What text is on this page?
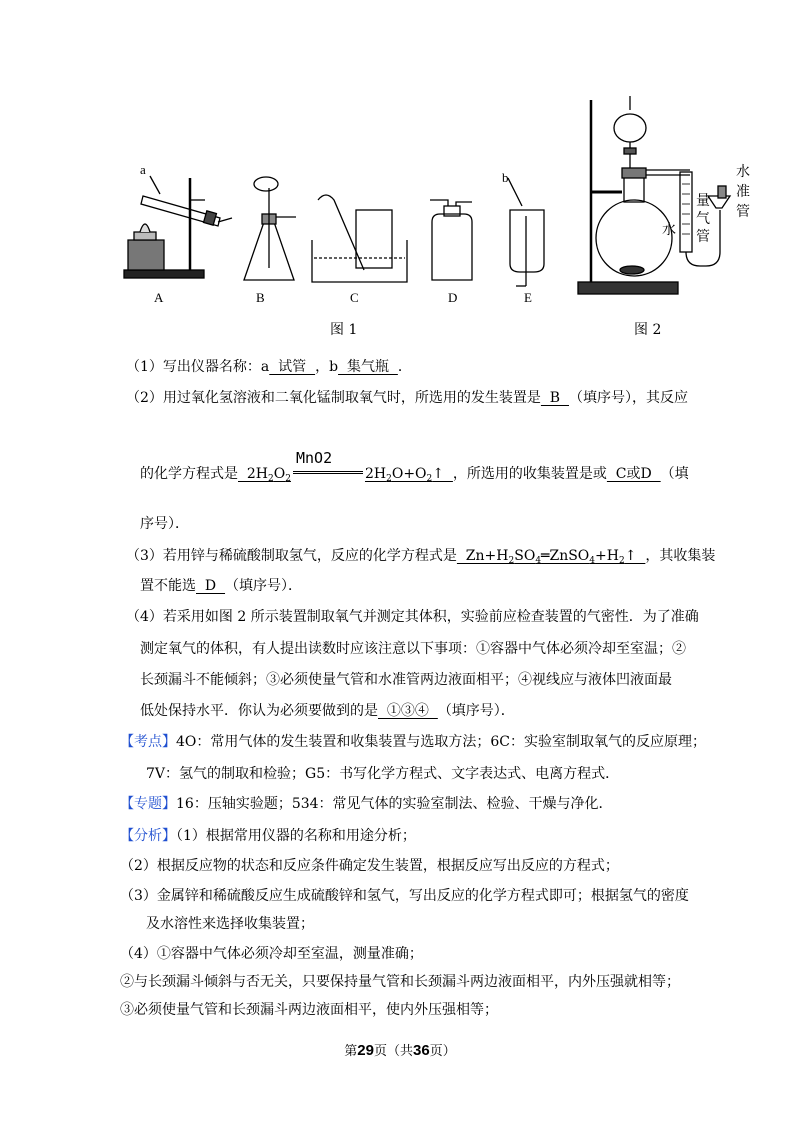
a
b
A	B	C	D	E
图 1
水
量气管
水准管
图 2
（1）写出仪器名称：a  试管  ，b  集气瓶  ．
（2）用过氧化氢溶液和二氧化锰制取氧气时，所选用的发生装置是  B  （填序号），其反应
MnO2
的化学方程式是  $2H_2O_2$	$2H_2O+O_2↑$  ，所选用的收集装置是或  C或D  （填
序号）．
（3）若用锌与稀硫酸制取氢气，反应的化学方程式是  $Zn+H_2SO_4═ZnSO_4+H_2↑$  ，其收集装
置不能选  D  （填序号）．
（4）若采用如图 2 所示装置制取氧气并测定其体积，实验前应检查装置的气密性．为了准确
测定氧气的体积，有人提出读数时应该注意以下事项：①容器中气体必须冷却至室温；②
长颈漏斗不能倾斜；③必须使量气管和水准管两边液面相平；④视线应与液体凹液面最
低处保持水平．你认为必须要做到的是  ①③④  （填序号）．
【考点】4O：常用气体的发生装置和收集装置与选取方法；6C：实验室制取氧气的反应原理；
7V：氢气的制取和检验；G5：书写化学方程式、文字表达式、电离方程式．
【专题】16：压轴实验题；534：常见气体的实验室制法、检验、干燥与净化．
【分析】（1）根据常用仪器的名称和用途分析；
（2）根据反应物的状态和反应条件确定发生装置，根据反应写出反应的方程式；
（3）金属锌和稀硫酸反应生成硫酸锌和氢气，写出反应的化学方程式即可；根据氢气的密度
及水溶性来选择收集装置；
（4）①容器中气体必须冷却至室温，测量准确；
②与长颈漏斗倾斜与否无关，只要保持量气管和长颈漏斗两边液面相平，内外压强就相等；
③必须使量气管和长颈漏斗两边液面相平，使内外压强相等；
第29页（共36页）
